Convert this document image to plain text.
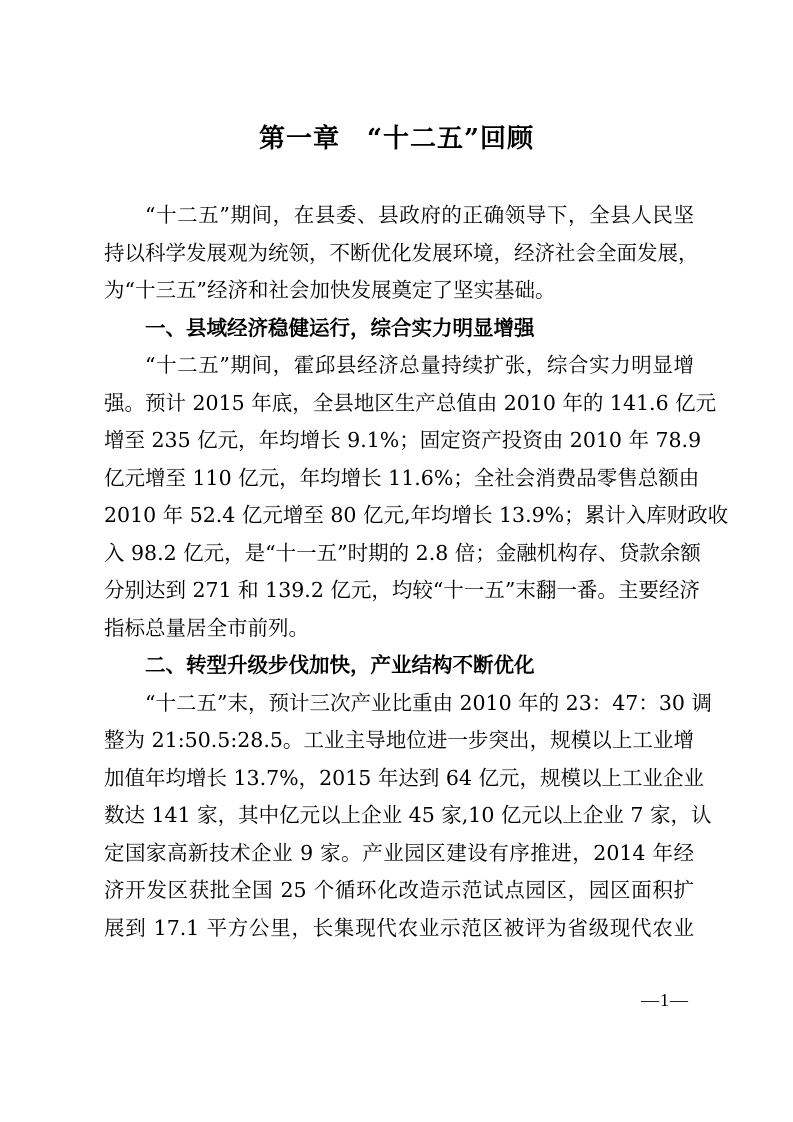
第一章　“十二五”回顾
“十二五”期间，在县委、县政府的正确领导下，全县人民坚
持以科学发展观为统领，不断优化发展环境，经济社会全面发展，
为“十三五”经济和社会加快发展奠定了坚实基础。
一、县域经济稳健运行，综合实力明显增强
“十二五”期间，霍邱县经济总量持续扩张，综合实力明显增
强。预计 2015 年底，全县地区生产总值由 2010 年的 141.6 亿元
增至 235 亿元，年均增长 9.1%；固定资产投资由 2010 年 78.9
亿元增至 110 亿元，年均增长 11.6%；全社会消费品零售总额由
2010 年 52.4 亿元增至 80 亿元,年均增长 13.9%；累计入库财政收
入 98.2 亿元，是“十一五”时期的 2.8 倍；金融机构存、贷款余额
分别达到 271 和 139.2 亿元，均较“十一五”末翻一番。主要经济
指标总量居全市前列。
二、转型升级步伐加快，产业结构不断优化
“十二五”末，预计三次产业比重由 2010 年的 23：47：30 调
整为 21:50.5:28.5。工业主导地位进一步突出，规模以上工业增
加值年均增长 13.7%，2015 年达到 64 亿元，规模以上工业企业
数达 141 家，其中亿元以上企业 45 家,10 亿元以上企业 7 家，认
定国家高新技术企业 9 家。产业园区建设有序推进，2014 年经
济开发区获批全国 25 个循环化改造示范试点园区，园区面积扩
展到 17.1 平方公里，长集现代农业示范区被评为省级现代农业
—1—
